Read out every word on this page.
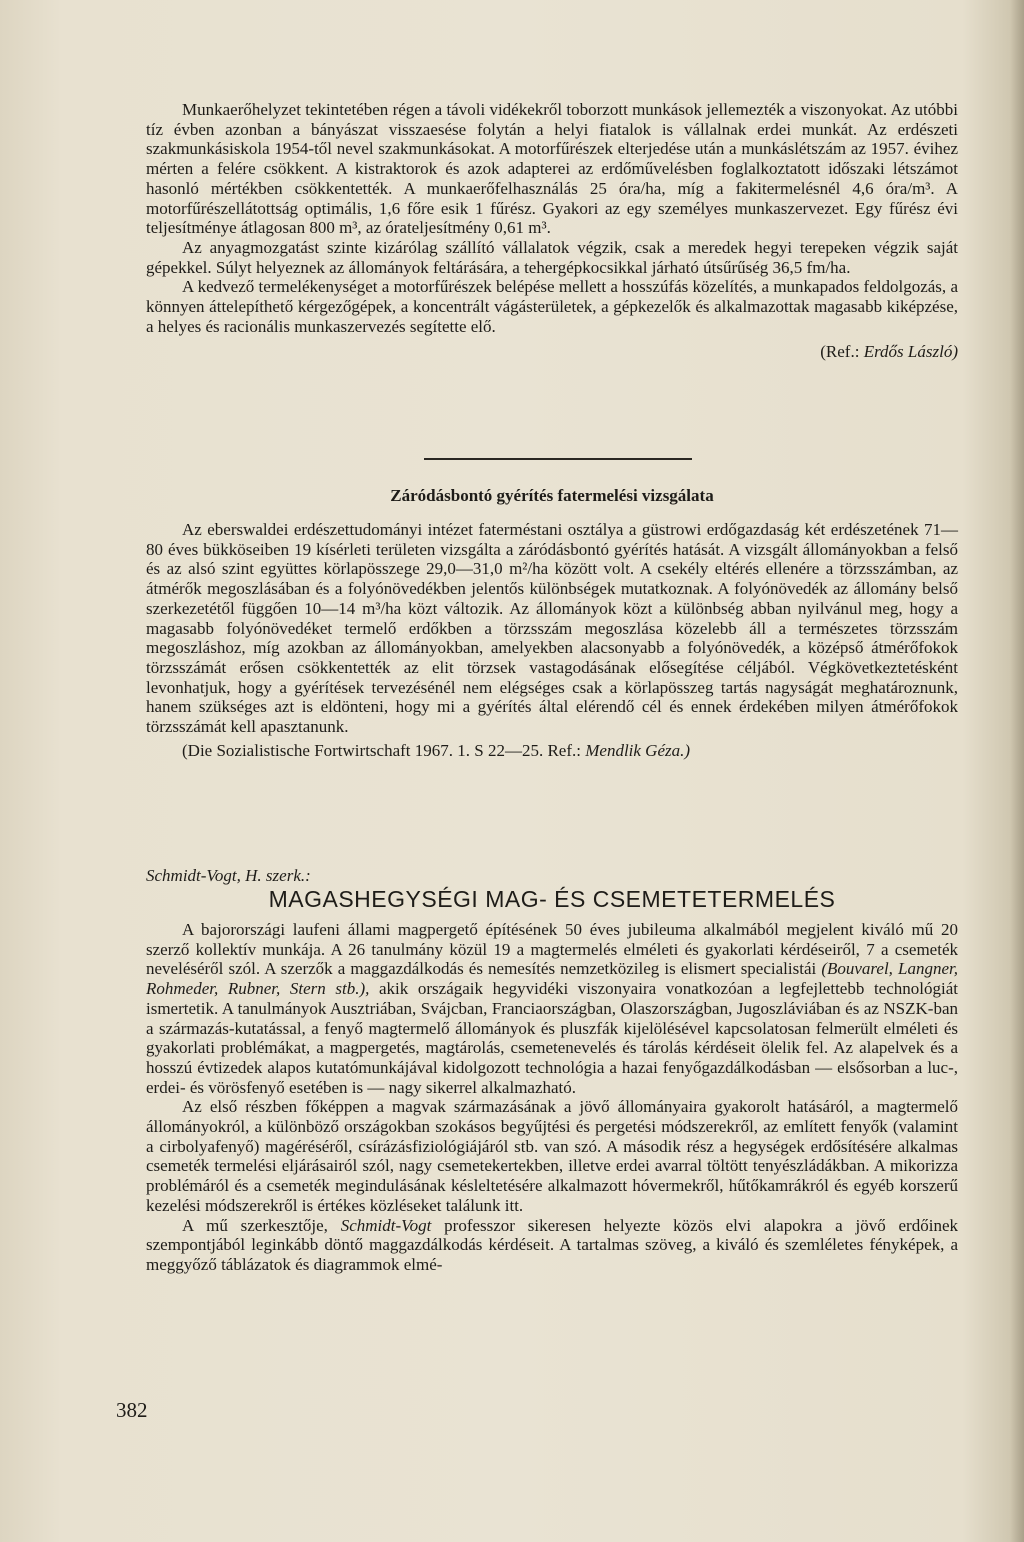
Munkaerőhelyzet tekintetében régen a távoli vidékekről toborzott munkások jellemezték a viszonyokat. Az utóbbi tíz évben azonban a bányászat visszaesése folytán a helyi fiatalok is vállalnak erdei munkát. Az erdészeti szakmunkásiskola 1954-től nevel szakmunkásokat. A motorfűrészek elterjedése után a munkáslétszám az 1957. évihez mérten a felére csökkent. A kistraktorok és azok adapterei az erdőművelésben foglalkoztatott időszaki létszámot hasonló mértékben csökkentették. A munkaerőfelhasználás 25 óra/ha, míg a fakitermelésnél 4,6 óra/m³. A motorfűrészellátottság optimális, 1,6 főre esik 1 fűrész. Gyakori az egy személyes munkaszervezet. Egy fűrész évi teljesítménye átlagosan 800 m³, az órateljesítmény 0,61 m³.

Az anyagmozgatást szinte kizárólag szállító vállalatok végzik, csak a meredek hegyi terepeken végzik saját gépekkel. Súlyt helyeznek az állományok feltárására, a tehergépkocsikkal járható útsűrűség 36,5 fm/ha.

A kedvező termelékenységet a motorfűrészek belépése mellett a hosszúfás közelítés, a munkapados feldolgozás, a könnyen áttelepíthető kérgezőgépek, a koncentrált vágásterületek, a gépkezelők és alkalmazottak magasabb kiképzése, a helyes és racionális munkaszervezés segítette elő.

(Ref.: Erdős László)
Záródásbontó gyérítés fatermelési vizsgálata

Az eberswaldei erdészettudományi intézet faterméstani osztálya a güstrowi erdőgazdaság két erdészetének 71—80 éves bükköseiben 19 kísérleti területen vizsgálta a záródásbontó gyérítés hatását. A vizsgált állományokban a felső és az alsó szint együttes körlapösszege 29,0—31,0 m²/ha között volt. A csekély eltérés ellenére a törzsszámban, az átmérők megoszlásában és a folyónövedékben jelentős különbségek mutatkoznak. A folyónövedék az állomány belső szerkezetétől függően 10—14 m³/ha közt változik. Az állományok közt a különbség abban nyilvánul meg, hogy a magasabb folyónövedéket termelő erdőkben a törzsszám megoszlása közelebb áll a természetes törzsszám megoszláshoz, míg azokban az állományokban, amelyekben alacsonyabb a folyónövedék, a középső átmérőfokok törzsszámát erősen csökkentették az elit törzsek vastagodásának elősegítése céljából. Végkövetkeztetésként levonhatjuk, hogy a gyérítések tervezésénél nem elégséges csak a körlapösszeg tartás nagyságát meghatároznunk, hanem szükséges azt is eldönteni, hogy mi a gyérítés által elérendő cél és ennek érdekében milyen átmérőfokok törzsszámát kell apasztanunk.

(Die Sozialistische Fortwirtschaft 1967. 1. S 22—25. Ref.: Mendlik Géza.)

Schmidt-Vogt, H. szerk.:
MAGASHEGYSÉGI MAG- ÉS CSEMETETERMELÉS

A bajorországi laufeni állami magpergető építésének 50 éves jubileuma alkalmából megjelent kiváló mű 20 szerző kollektív munkája. A 26 tanulmány közül 19 a magtermelés elméleti és gyakorlati kérdéseiről, 7 a csemeték neveléséről szól. A szerzők a maggazdálkodás és nemesítés nemzetközileg is elismert specialistái (Bouvarel, Langner, Rohmeder, Rubner, Stern stb.), akik országaik hegyvidéki viszonyaira vonatkozóan a legfejlettebb technológiát ismertetik. A tanulmányok Ausztriában, Svájcban, Franciaországban, Olaszországban, Jugoszláviában és az NSZK-ban a származás-kutatással, a fenyő magtermelő állományok és pluszfák kijelölésével kapcsolatosan felmerült elméleti és gyakorlati problémákat, a magpergetés, magtárolás, csemetenevelés és tárolás kérdéseit ölelik fel. Az alapelvek és a hosszú évtizedek alapos kutatómunkájával kidolgozott technológia a hazai fenyőgazdálkodásban — elsősorban a luc-, erdei- és vörösfenyő esetében is — nagy sikerrel alkalmazható.

Az első részben főképpen a magvak származásának a jövő állományaira gyakorolt hatásáról, a magtermelő állományokról, a különböző országokban szokásos begyűjtési és pergetési módszerekről, az említett fenyők (valamint a cirbolyafenyő) magéréséről, csírázásfiziológiájáról stb. van szó. A második rész a hegységek erdősítésére alkalmas csemeték termelési eljárásairól szól, nagy csemetekertekben, illetve erdei avarral töltött tenyészládákban. A mikorizza problémáról és a csemeték megindulásának késleltetésére alkalmazott hóvermekről, hűtőkamrákról és egyéb korszerű kezelési módszerekről is értékes közléseket találunk itt.

A mű szerkesztője, Schmidt-Vogt professzor sikeresen helyezte közös elvi alapokra a jövő erdőinek szempontjából leginkább döntő maggazdálkodás kérdéseit. A tartalmas szöveg, a kiváló és szemléletes fényképek, a meggyőző táblázatok és diagrammok elmé-

382
